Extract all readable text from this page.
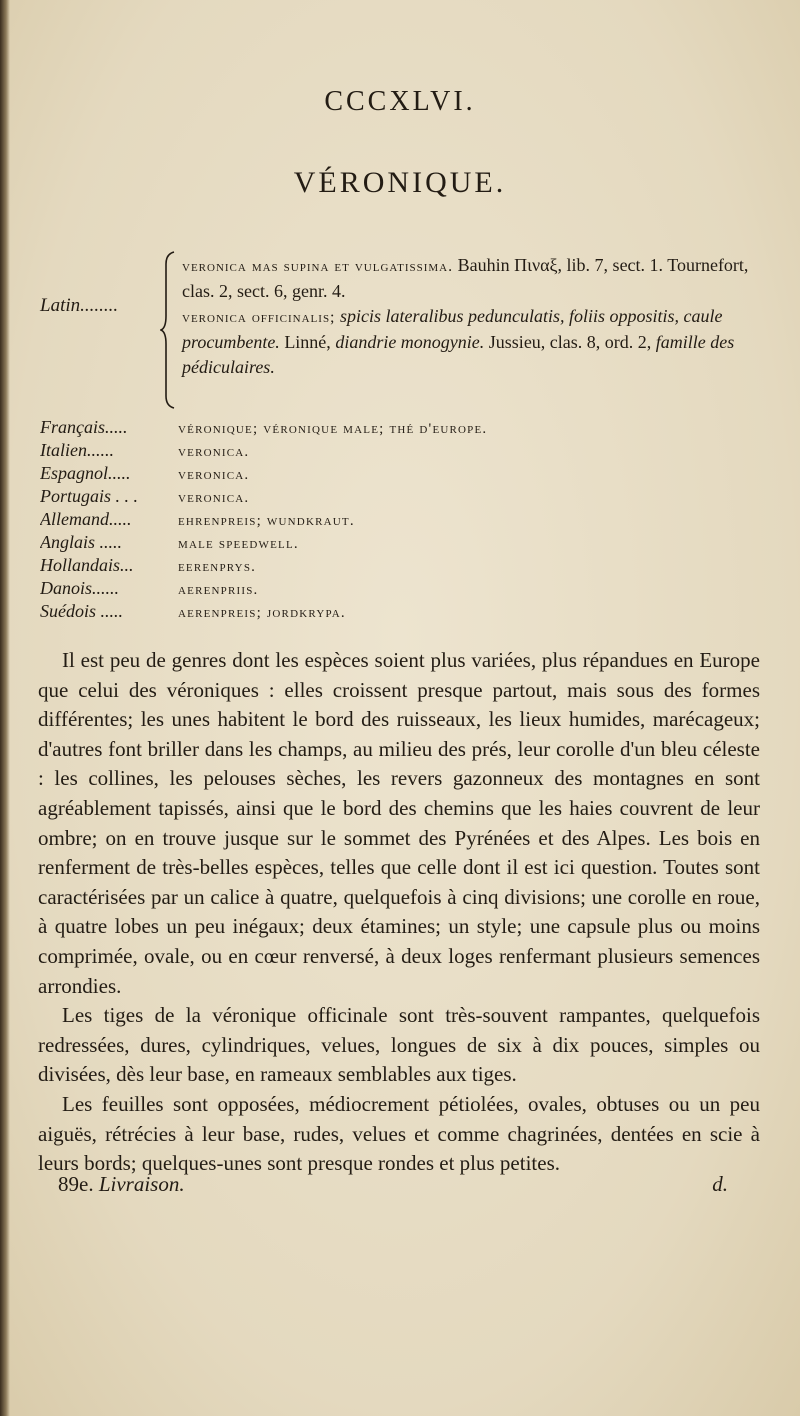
CCCXLVI.
VÉRONIQUE.
Latin........
veronica mas supina et vulgatissima. Bauhin Πιναξ, lib. 7, sect. 1. Tournefort, clas. 2, sect. 6, genr. 4.
veronica officinalis; spicis lateralibus pedunculatis, foliis oppositis, caule procumbente. Linné, diandrie monogynie. Jussieu, clas. 8, ord. 2, famille des pédiculaires.
Français.....	véronique; véronique male; thé d'europe.
Italien......	veronica.
Espagnol.....	veronica.
Portugais . . .	veronica.
Allemand.....	ehrenpreis; wundkraut.
Anglais .....	male speedwell.
Hollandais...	eerenprys.
Danois......	aerenpriis.
Suédois .....	aerenpreis; jordkrypa.

Il est peu de genres dont les espèces soient plus variées, plus répandues en Europe que celui des véroniques : elles croissent presque partout, mais sous des formes différentes; les unes habitent le bord des ruisseaux, les lieux humides, marécageux; d'autres font briller dans les champs, au milieu des prés, leur corolle d'un bleu céleste : les collines, les pelouses sèches, les revers gazonneux des montagnes en sont agréablement tapissés, ainsi que le bord des chemins que les haies couvrent de leur ombre; on en trouve jusque sur le sommet des Pyrénées et des Alpes. Les bois en renferment de très-belles espèces, telles que celle dont il est ici question. Toutes sont caractérisées par un calice à quatre, quelquefois à cinq divisions; une corolle en roue, à quatre lobes un peu inégaux; deux étamines; un style; une capsule plus ou moins comprimée, ovale, ou en cœur renversé, à deux loges renfermant plusieurs semences arrondies.

Les tiges de la véronique officinale sont très-souvent rampantes, quelquefois redressées, dures, cylindriques, velues, longues de six à dix pouces, simples ou divisées, dès leur base, en rameaux semblables aux tiges.

Les feuilles sont opposées, médiocrement pétiolées, ovales, obtuses ou un peu aiguës, rétrécies à leur base, rudes, velues et comme chagrinées, dentées en scie à leurs bords; quelques-unes sont presque rondes et plus petites.

89e. Livraison.	d.
